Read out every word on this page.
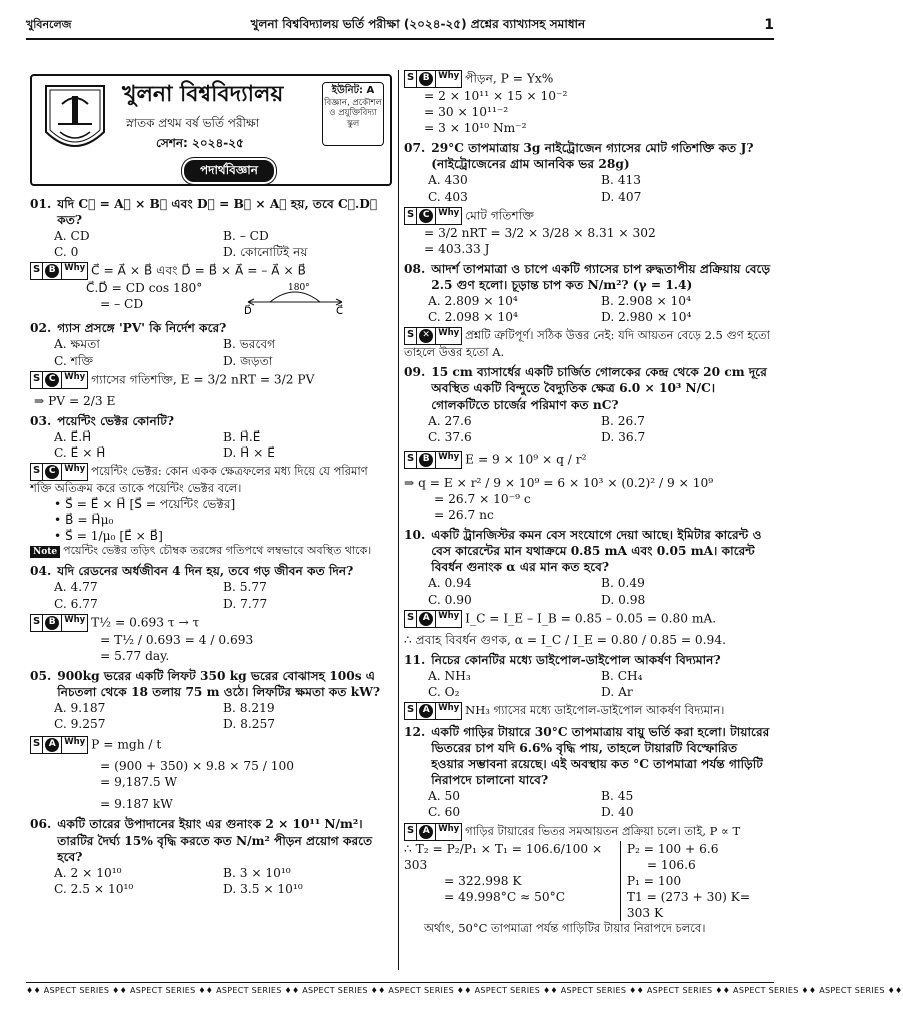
খুবিনলেজ	খুলনা বিশ্ববিদ্যালয় ভর্তি পরীক্ষা (২০২৪-২৫) প্রশ্নের ব্যাখ্যাসহ সমাধান	1
খুলনা বিশ্ববিদ্যালয়
স্নাতক প্রথম বর্ষ ভর্তি পরীক্ষা
সেশন: ২০২৪-২৫
ইউনিট: A
বিজ্ঞান, প্রকৌশল ও প্রযুক্তিবিদ্যা স্কুল
পদার্থবিজ্ঞান
01. যদি C⃗ = A⃗ × B⃗ এবং D⃗ = B⃗ × A⃗ হয়, তবে C⃗.D⃗ কত?
A. CD	B. – CD
C. 0	D. কোনোটিই নয়
S B	Why C⃗ = A⃗ × B⃗ এবং D⃗ = B⃗ × A⃗ = – A⃗ × B⃗
C⃗.D⃗ = CD cos 180°
= – CD
180°
D⃗	C⃗
02. গ্যাস প্রসঙ্গে 'PV' কি নির্দেশ করে?
A. ক্ষমতা	B. ভরবেগ
C. শক্তি	D. জড়তা
S C	Why গ্যাসের গতিশক্তি, E = 3/2 nRT = 3/2 PV
⇒ PV = 2/3 E
03. পয়েন্টিং ভেক্টর কোনটি?
A. E⃗.H⃗	B. H⃗.E⃗
C. E⃗ × H⃗	D. H⃗ × E⃗
S C	Why পয়েন্টিং ভেক্টর: কোন একক ক্ষেত্রফলের মধ্য দিয়ে যে পরিমাণ শক্তি অতিক্রম করে তাকে পয়েন্টিং ভেক্টর বলে।
• S⃗ = E⃗ × H⃗ [S⃗ = পয়েন্টিং ভেক্টর]
• B⃗ = H⃗μ₀
• S⃗ = 1/μ₀ [E⃗ × B⃗]
Note পয়েন্টিং ভেক্টর তড়িৎ চৌম্বক তরঙ্গের গতিপথে লম্বভাবে অবস্থিত থাকে।
04. যদি রেডনের অর্ধজীবন 4 দিন হয়, তবে গড় জীবন কত দিন?
A. 4.77	B. 5.77
C. 6.77	D. 7.77
S B	Why T½ = 0.693 τ → τ
= T½ / 0.693 = 4 / 0.693
= 5.77 day.
05. 900kg ভরের একটি লিফট 350 kg ভরের বোঝাসহ 100s এ নিচতলা থেকে 18 তলায় 75 m ওঠে। লিফটির ক্ষমতা কত kW?
A. 9.187	B. 8.219
C. 9.257	D. 8.257
S A	Why P = mgh / t
= (900 + 350) × 9.8 × 75 / 100
= 9,187.5 W
= 9.187 kW
06. একটি তারের উপাদানের ইয়াং এর গুনাংক 2 × 10¹¹ N/m²। তারটির দৈর্ঘ্য 15% বৃদ্ধি করতে কত N/m² পীড়ন প্রয়োগ করতে হবে?
A. 2 × 10¹⁰	B. 3 × 10¹⁰
C. 2.5 × 10¹⁰	D. 3.5 × 10¹⁰
S B	Why পীড়ন, P = Yx%
= 2 × 10¹¹ × 15 × 10⁻²
= 30 × 10¹¹⁻²
= 3 × 10¹⁰ Nm⁻²
07. 29°C তাপমাত্রায় 3g নাইট্রোজেন গ্যাসের মোট গতিশক্তি কত J? (নাইট্রোজেনের গ্রাম আনবিক ভর 28g)
A. 430	B. 413
C. 403	D. 407
S C	Why মোট গতিশক্তি
= 3/2 nRT = 3/2 × 3/28 × 8.31 × 302
= 403.33 J
08. আদর্শ তাপমাত্রা ও চাপে একটি গ্যাসের চাপ রুদ্ধতাপীয় প্রক্রিয়ায় বেড়ে 2.5 গুণ হলো। চূড়ান্ত চাপ কত N/m²? (γ = 1.4)
A. 2.809 × 10⁴	B. 2.908 × 10⁴
C. 2.098 × 10⁴	D. 2.980 × 10⁴
S ✕ Why প্রশ্নটি ত্রুটিপূর্ণ। সঠিক উত্তর নেই: যদি আয়তন বেড়ে 2.5 গুণ হতো তাহলে উত্তর হতো A.
09. 15 cm ব্যাসার্ধের একটি চার্জিত গোলকের কেন্দ্র থেকে 20 cm দূরে অবস্থিত একটি বিন্দুতে বৈদ্যুতিক ক্ষেত্র 6.0 × 10³ N/C। গোলকটিতে চার্জের পরিমাণ কত nC?
A. 27.6	B. 26.7
C. 37.6	D. 36.7
S B	Why E = 9 × 10⁹ × q / r²
⇒ q = E × r² / 9 × 10⁹ = 6 × 10³ × (0.2)² / 9 × 10⁹
= 26.7 × 10⁻⁹ c
= 26.7 nc
10. একটি ট্রানজিস্টর কমন বেস সংযোগে দেয়া আছে। ইমিটার কারেন্ট ও বেস কারেন্টের মান যথাক্রমে 0.85 mA এবং 0.05 mA। কারেন্ট বিবর্ধন গুনাংক α এর মান কত হবে?
A. 0.94	B. 0.49
C. 0.90	D. 0.98
S A	Why I_C = I_E – I_B = 0.85 – 0.05 = 0.80 mA.
∴ প্রবাহ বিবর্ধন গুণক, α = I_C / I_E = 0.80 / 0.85 = 0.94.
11. নিচের কোনটির মধ্যে ডাইপোল-ডাইপোল আকর্ষণ বিদ্যমান?
A. NH₃	B. CH₄
C. O₂	D. Ar
S A	Why NH₃ গ্যাসের মধ্যে ডাইপোল-ডাইপোল আকর্ষণ বিদ্যমান।
12. একটি গাড়ির টায়ারে 30°C তাপমাত্রায় বায়ু ভর্তি করা হলো। টায়ারের ভিতরের চাপ যদি 6.6% বৃদ্ধি পায়, তাহলে টায়ারটি বিস্ফোরিত হওয়ার সম্ভাবনা রয়েছে। এই অবস্থায় কত °C তাপমাত্রা পর্যন্ত গাড়িটি নিরাপদে চালানো যাবে?
A. 50	B. 45
C. 60	D. 40
S A	Why গাড়ির টায়ারের ভিতর সমআয়তন প্রক্রিয়া চলে। তাই, P ∝ T
∴ T₂ = P₂/P₁ × T₁ = 106.6/100 × 303
= 322.998 K
= 49.998°C ≈ 50°C
P₂ = 100 + 6.6
= 106.6
P₁ = 100
T1 = (273 + 30) K= 303 K
অর্থাৎ, 50°C তাপমাত্রা পর্যন্ত গাড়িটির টায়ার নিরাপদে চলবে।
♦♦ ASPECT SERIES ♦♦ ASPECT SERIES ♦♦ ASPECT SERIES ♦♦ ASPECT SERIES ♦♦ ASPECT SERIES ♦♦ ASPECT SERIES ♦♦ ASPECT SERIES ♦♦ ASPECT SERIES ♦♦ ASPECT SERIES ♦♦ ASPECT SERIES ♦♦
